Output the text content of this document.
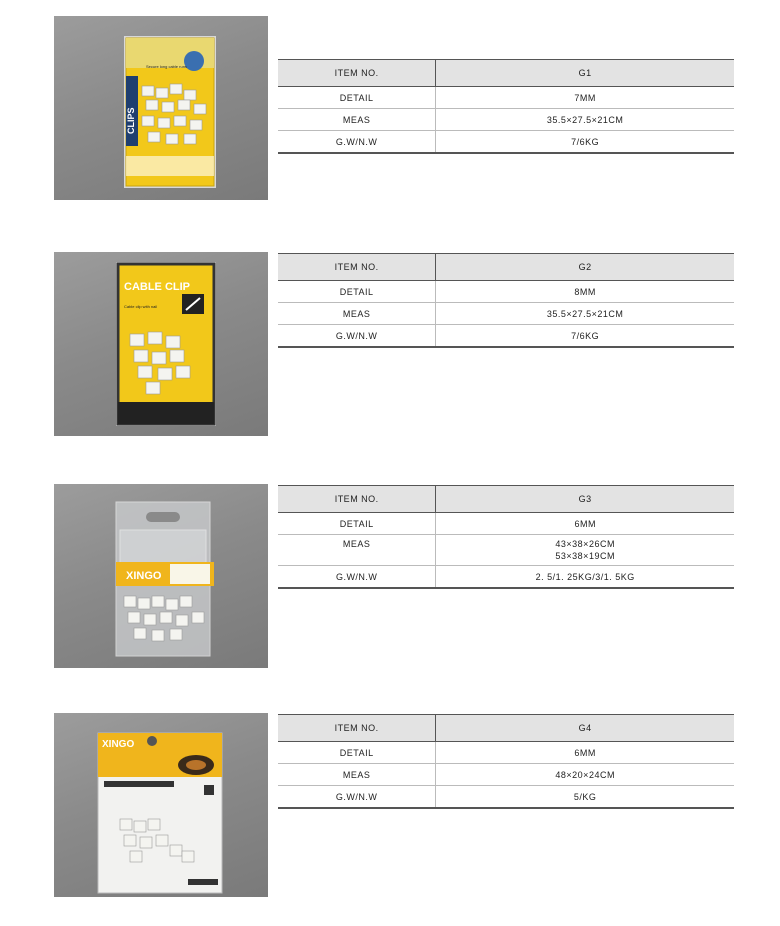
CLIPS
Secure long cable runs
ITEM NO.	G1
DETAIL	7MM
MEAS	35.5×27.5×21CM
G.W/N.W	7/6KG
CABLE CLIP
Cable clip with nail
ITEM NO.	G2
DETAIL	8MM
MEAS	35.5×27.5×21CM
G.W/N.W	7/6KG
XINGO
ITEM NO.	G3
DETAIL	6MM
MEAS	43×38×26CM
53×38×19CM

G.W/N.W	2. 5/1. 25KG/3/1. 5KG
XINGO
ITEM NO.	G4
DETAIL	6MM
MEAS	48×20×24CM
G.W/N.W	5/KG
